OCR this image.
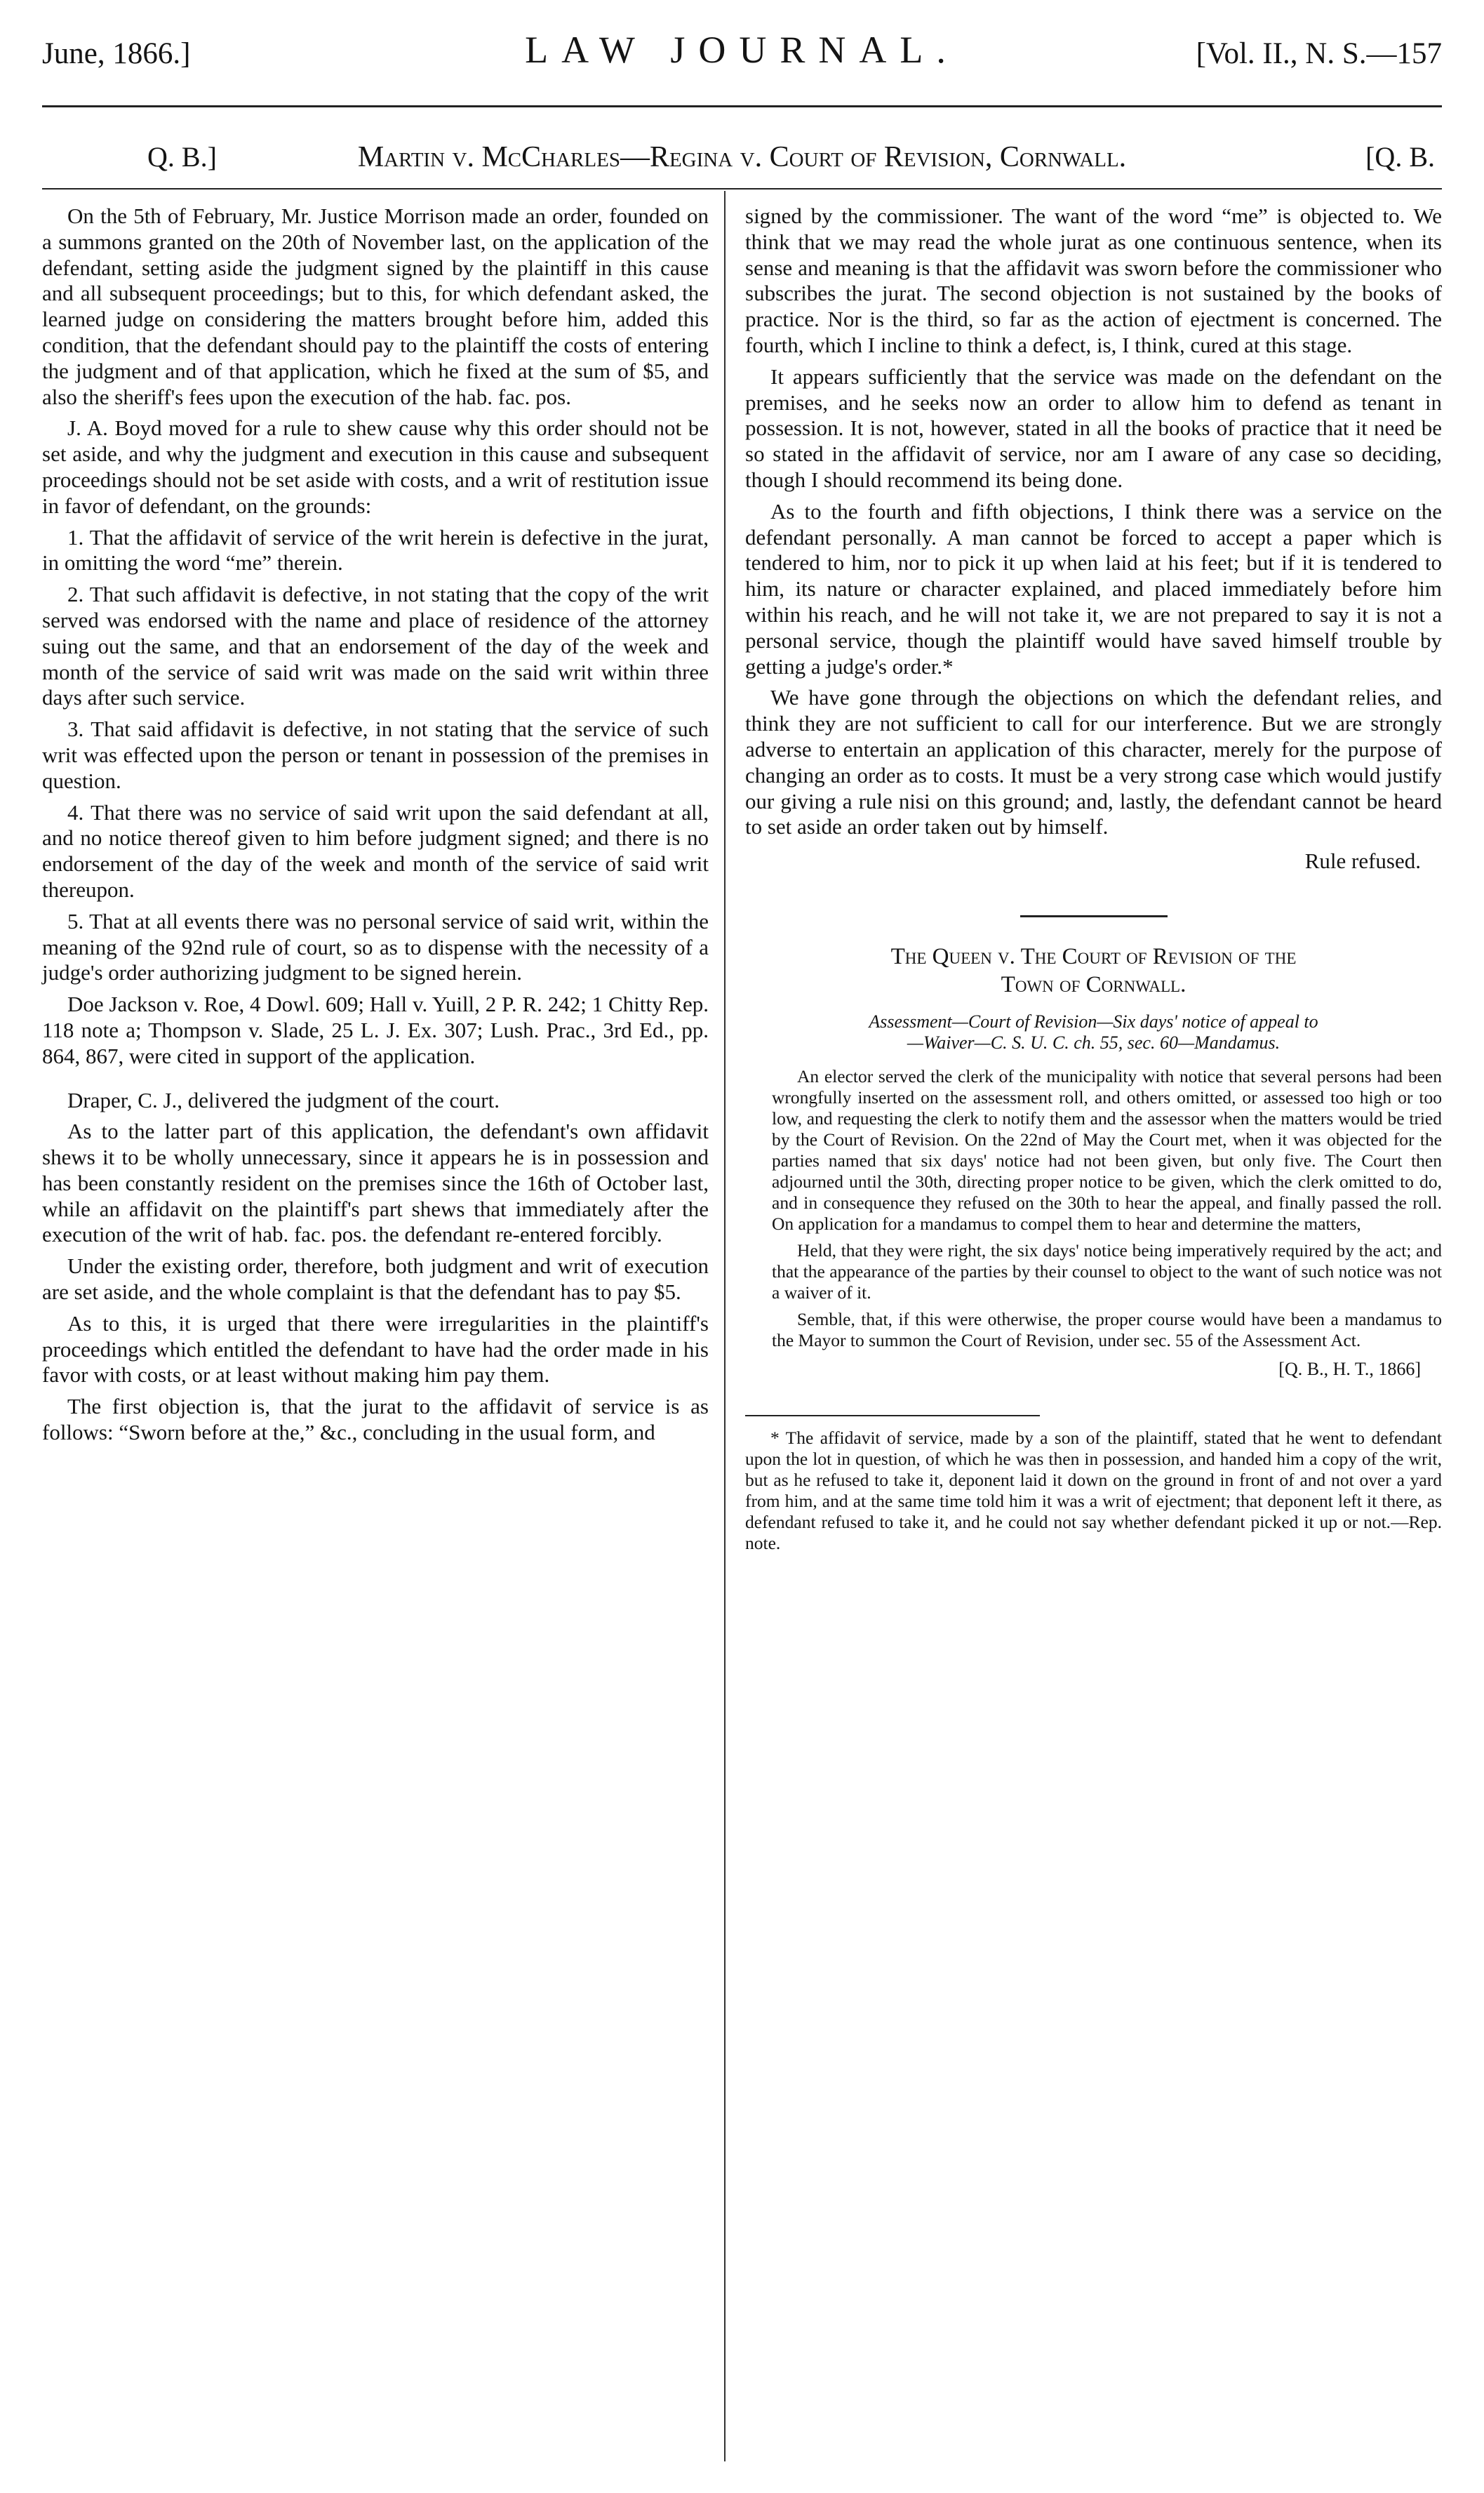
June, 1866.]	LAW JOURNAL.	[Vol. II., N. S.—157
Q. B.]	Martin v. McCharles—Regina v. Court of Revision, Cornwall.	[Q. B.

On the 5th of February, Mr. Justice Morrison made an order, founded on a summons granted on the 20th of November last, on the application of the defendant, setting aside the judgment signed by the plaintiff in this cause and all subsequent proceedings; but to this, for which defendant asked, the learned judge on considering the matters brought before him, added this condition, that the defendant should pay to the plaintiff the costs of entering the judgment and of that application, which he fixed at the sum of $5, and also the sheriff's fees upon the execution of the hab. fac. pos.

J. A. Boyd moved for a rule to shew cause why this order should not be set aside, and why the judgment and execution in this cause and subsequent proceedings should not be set aside with costs, and a writ of restitution issue in favor of defendant, on the grounds:

1. That the affidavit of service of the writ herein is defective in the jurat, in omitting the word “me” therein.

2. That such affidavit is defective, in not stating that the copy of the writ served was endorsed with the name and place of residence of the attorney suing out the same, and that an endorsement of the day of the week and month of the service of said writ was made on the said writ within three days after such service.

3. That said affidavit is defective, in not stating that the service of such writ was effected upon the person or tenant in possession of the premises in question.

4. That there was no service of said writ upon the said defendant at all, and no notice thereof given to him before judgment signed; and there is no endorsement of the day of the week and month of the service of said writ thereupon.

5. That at all events there was no personal service of said writ, within the meaning of the 92nd rule of court, so as to dispense with the necessity of a judge's order authorizing judgment to be signed herein.

Doe Jackson v. Roe, 4 Dowl. 609; Hall v. Yuill, 2 P. R. 242; 1 Chitty Rep. 118 note a; Thompson v. Slade, 25 L. J. Ex. 307; Lush. Prac., 3rd Ed., pp. 864, 867, were cited in support of the application.

Draper, C. J., delivered the judgment of the court.

As to the latter part of this application, the defendant's own affidavit shews it to be wholly unnecessary, since it appears he is in possession and has been constantly resident on the premises since the 16th of October last, while an affidavit on the plaintiff's part shews that immediately after the execution of the writ of hab. fac. pos. the defendant re-entered forcibly.

Under the existing order, therefore, both judgment and writ of execution are set aside, and the whole complaint is that the defendant has to pay $5.

As to this, it is urged that there were irregularities in the plaintiff's proceedings which entitled the defendant to have had the order made in his favor with costs, or at least without making him pay them.

The first objection is, that the jurat to the affidavit of service is as follows: “Sworn before at the,” &c., concluding in the usual form, and

signed by the commissioner. The want of the word “me” is objected to. We think that we may read the whole jurat as one continuous sentence, when its sense and meaning is that the affidavit was sworn before the commissioner who subscribes the jurat. The second objection is not sustained by the books of practice. Nor is the third, so far as the action of ejectment is concerned. The fourth, which I incline to think a defect, is, I think, cured at this stage.

It appears sufficiently that the service was made on the defendant on the premises, and he seeks now an order to allow him to defend as tenant in possession. It is not, however, stated in all the books of practice that it need be so stated in the affidavit of service, nor am I aware of any case so deciding, though I should recommend its being done.

As to the fourth and fifth objections, I think there was a service on the defendant personally. A man cannot be forced to accept a paper which is tendered to him, nor to pick it up when laid at his feet; but if it is tendered to him, its nature or character explained, and placed immediately before him within his reach, and he will not take it, we are not prepared to say it is not a personal service, though the plaintiff would have saved himself trouble by getting a judge's order.*

We have gone through the objections on which the defendant relies, and think they are not sufficient to call for our interference. But we are strongly adverse to entertain an application of this character, merely for the purpose of changing an order as to costs. It must be a very strong case which would justify our giving a rule nisi on this ground; and, lastly, the defendant cannot be heard to set aside an order taken out by himself.

Rule refused.

The Queen v. The Court of Revision of the
Town of Cornwall.
Assessment—Court of Revision—Six days' notice of appeal to
—Waiver—C. S. U. C. ch. 55, sec. 60—Mandamus.

An elector served the clerk of the municipality with notice that several persons had been wrongfully inserted on the assessment roll, and others omitted, or assessed too high or too low, and requesting the clerk to notify them and the assessor when the matters would be tried by the Court of Revision. On the 22nd of May the Court met, when it was objected for the parties named that six days' notice had not been given, but only five. The Court then adjourned until the 30th, directing proper notice to be given, which the clerk omitted to do, and in consequence they refused on the 30th to hear the appeal, and finally passed the roll. On application for a mandamus to compel them to hear and determine the matters,

Held, that they were right, the six days' notice being imperatively required by the act; and that the appearance of the parties by their counsel to object to the want of such notice was not a waiver of it.

Semble, that, if this were otherwise, the proper course would have been a mandamus to the Mayor to summon the Court of Revision, under sec. 55 of the Assessment Act.

[Q. B., H. T., 1866]

* The affidavit of service, made by a son of the plaintiff, stated that he went to defendant upon the lot in question, of which he was then in possession, and handed him a copy of the writ, but as he refused to take it, deponent laid it down on the ground in front of and not over a yard from him, and at the same time told him it was a writ of ejectment; that deponent left it there, as defendant refused to take it, and he could not say whether defendant picked it up or not.—Rep. note.
